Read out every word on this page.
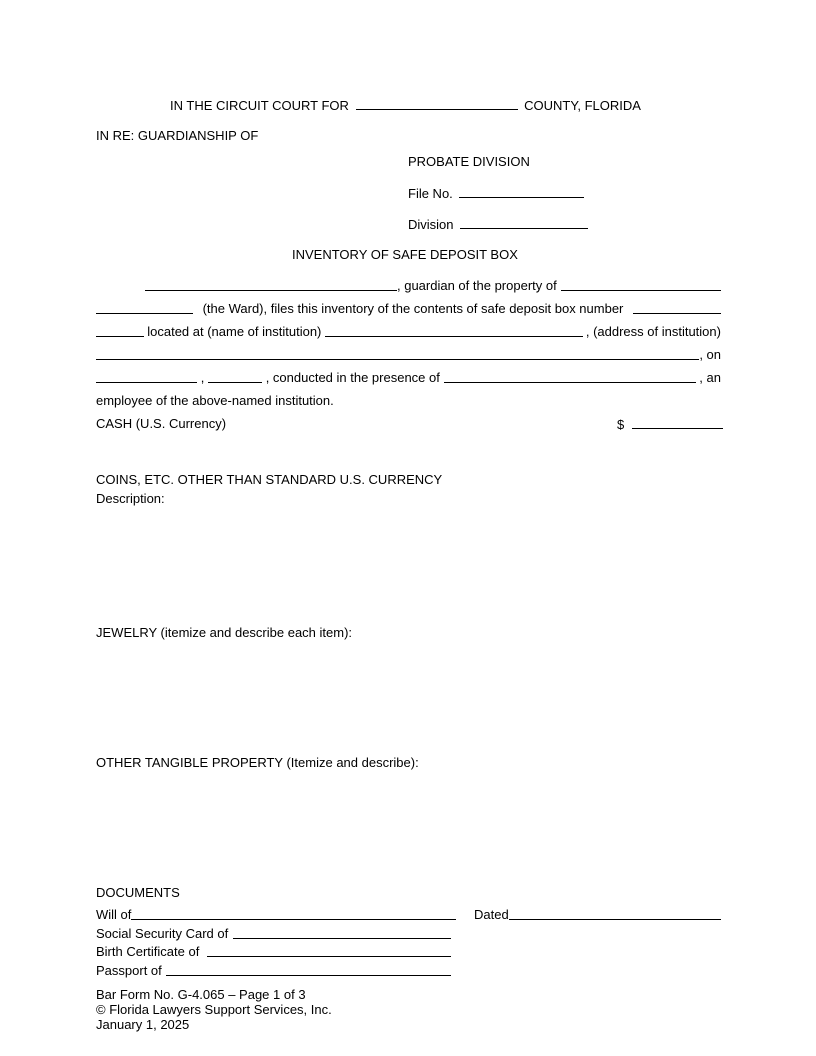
IN THE CIRCUIT COURT FOR	COUNTY, FLORIDA
IN RE: GUARDIANSHIP OF
PROBATE DIVISION
File No.
Division
INVENTORY OF SAFE DEPOSIT BOX
, guardian of the property of
(the Ward), files this inventory of the contents of safe deposit box number
located at (name of institution)	, (address of institution)
, on
,	, conducted in the presence of	, an
employee of the above-named institution.
CASH (U.S. Currency)	$
COINS, ETC. OTHER THAN STANDARD U.S. CURRENCY
Description:
JEWELRY (itemize and describe each item):
OTHER TANGIBLE PROPERTY (Itemize and describe):
DOCUMENTS
Will of	Dated
Social Security Card of
Birth Certificate of
Passport of
Bar Form No. G-4.065 – Page 1 of 3
© Florida Lawyers Support Services, Inc.
January 1, 2025
